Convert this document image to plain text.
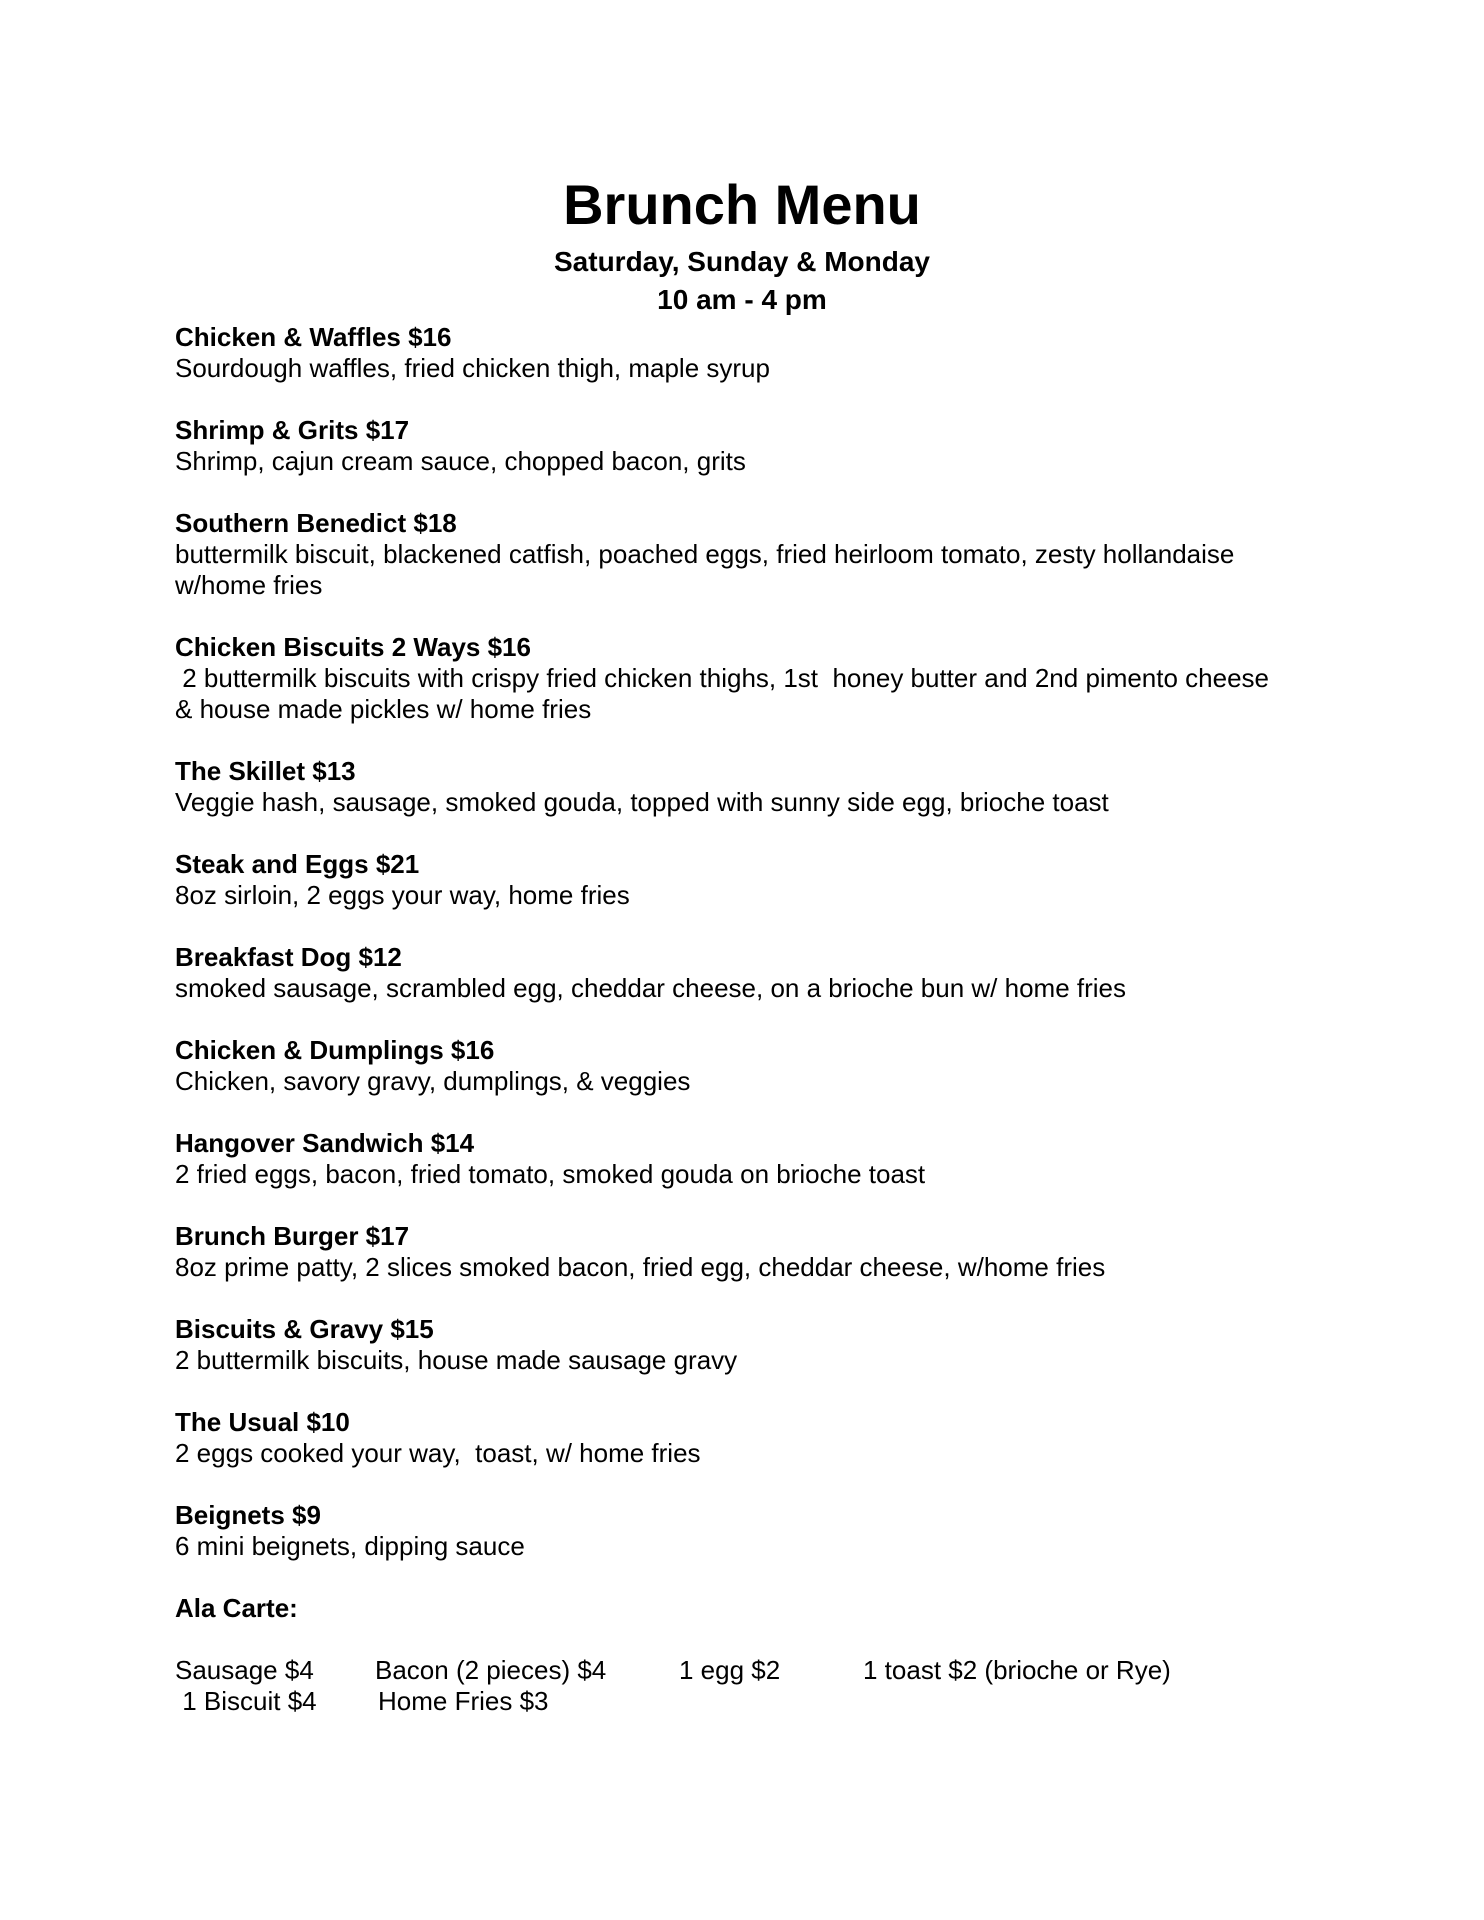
Brunch Menu
Saturday, Sunday & Monday
10 am - 4 pm
Chicken & Waffles $16
Sourdough waffles, fried chicken thigh, maple syrup
Shrimp & Grits $17
Shrimp, cajun cream sauce, chopped bacon, grits
Southern Benedict $18
buttermilk biscuit, blackened catfish, poached eggs, fried heirloom tomato, zesty hollandaise
w/home fries
Chicken Biscuits 2 Ways $16
2 buttermilk biscuits with crispy fried chicken thighs, 1st  honey butter and 2nd pimento cheese
& house made pickles w/ home fries
The Skillet $13
Veggie hash, sausage, smoked gouda, topped with sunny side egg, brioche toast
Steak and Eggs $21
8oz sirloin, 2 eggs your way, home fries
Breakfast Dog $12
smoked sausage, scrambled egg, cheddar cheese, on a brioche bun w/ home fries
Chicken & Dumplings $16
Chicken, savory gravy, dumplings, & veggies
Hangover Sandwich $14
2 fried eggs, bacon, fried tomato, smoked gouda on brioche toast
Brunch Burger $17
8oz prime patty, 2 slices smoked bacon, fried egg, cheddar cheese, w/home fries
Biscuits & Gravy $15
2 buttermilk biscuits, house made sausage gravy
The Usual $10
2 eggs cooked your way,  toast, w/ home fries
Beignets $9
6 mini beignets, dipping sauce
Ala Carte:
Sausage $4 Bacon (2 pieces) $4	1 egg $2	1 toast $2 (brioche or Rye)
1 Biscuit $4 Home Fries $3
